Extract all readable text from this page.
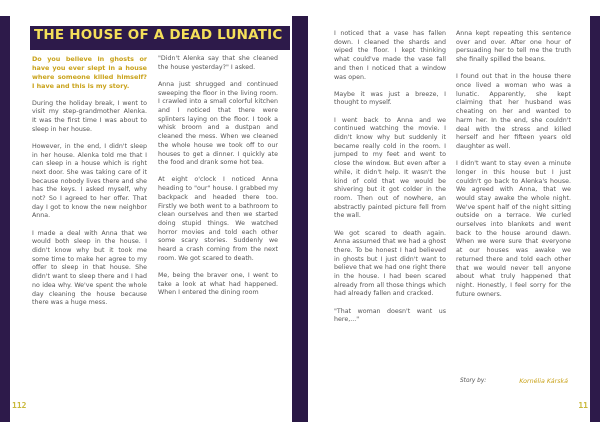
THE HOUSE OF A DEAD LUNATIC

Do you believe in ghosts or have you ever slept in a house where someone killed himself? I have and this is my story.

During the holiday break, I went to visit my step-grandmother Alenka. It was the first time I was about to sleep in her house.

However, in the end, I didn't sleep in her house. Alenka told me that I can sleep in a house which is right next door. She was taking care of it because nobody lives there and she has the keys. I asked myself, why not? So I agreed to her offer. That day I got to know the new neighbor Anna.

I made a deal with Anna that we would both sleep in the house. I didn't know why but it took me some time to make her agree to my offer to sleep in that house. She didn't want to sleep there and I had no idea why. We've spent the whole day cleaning the house because there was a huge mess.

"Didn't Alenka say that she cleaned the house yesterday?" I asked.

Anna just shrugged and continued sweeping the floor in the living room. I crawled into a small colorful kitchen and I noticed that there were splinters laying on the floor. I took a whisk broom and a dustpan and cleaned the mess. When we cleaned the whole house we took off to our houses to get a dinner. I quickly ate the food and drank some hot tea.

At eight o'clock I noticed Anna heading to "our" house. I grabbed my backpack and headed there too. Firstly we both went to a bathroom to clean ourselves and then we started doing stupid things. We watched horror movies and told each other some scary stories. Suddenly we heard a crash coming from the next room. We got scared to death.

Me, being the braver one, I went to take a look at what had happened. When I entered the dining room

I noticed that a vase has fallen down. I cleaned the shards and wiped the floor. I kept thinking what could've made the vase fall and then I noticed that a window was open.

Maybe it was just a breeze, I thought to myself.

I went back to Anna and we continued watching the movie. I didn't know why but suddenly it became really cold in the room. I jumped to my feet and went to close the window. But even after a while, it didn't help. It wasn't the kind of cold that we would be shivering but it got colder in the room. Then out of nowhere, an abstractly painted picture fell from the wall.

We got scared to death again. Anna assumed that we had a ghost there. To be honest I had believed in ghosts but I just didn't want to believe that we had one right there in the house. I had been scared already from all those things which had already fallen and cracked.

"That woman doesn't want us here,..."

Anna kept repeating this sentence over and over. After one hour of persuading her to tell me the truth she finally spilled the beans.

I found out that in the house there once lived a woman who was a lunatic. Apparently, she kept claiming that her husband was cheating on her and wanted to harm her. In the end, she couldn't deal with the stress and killed herself and her fifteen years old daughter as well.

I didn't want to stay even a minute longer in this house but I just couldn't go back to Alenka's house. We agreed with Anna, that we would stay awake the whole night. We've spent half of the night sitting outside on a terrace. We curled ourselves into blankets and went back to the house around dawn. When we were sure that everyone at our houses was awake we returned there and told each other that we would never tell anyone about what truly happened that night. Honestly, I feel sorry for the future owners.

Story by:	Kornélia Kárská
112	11
